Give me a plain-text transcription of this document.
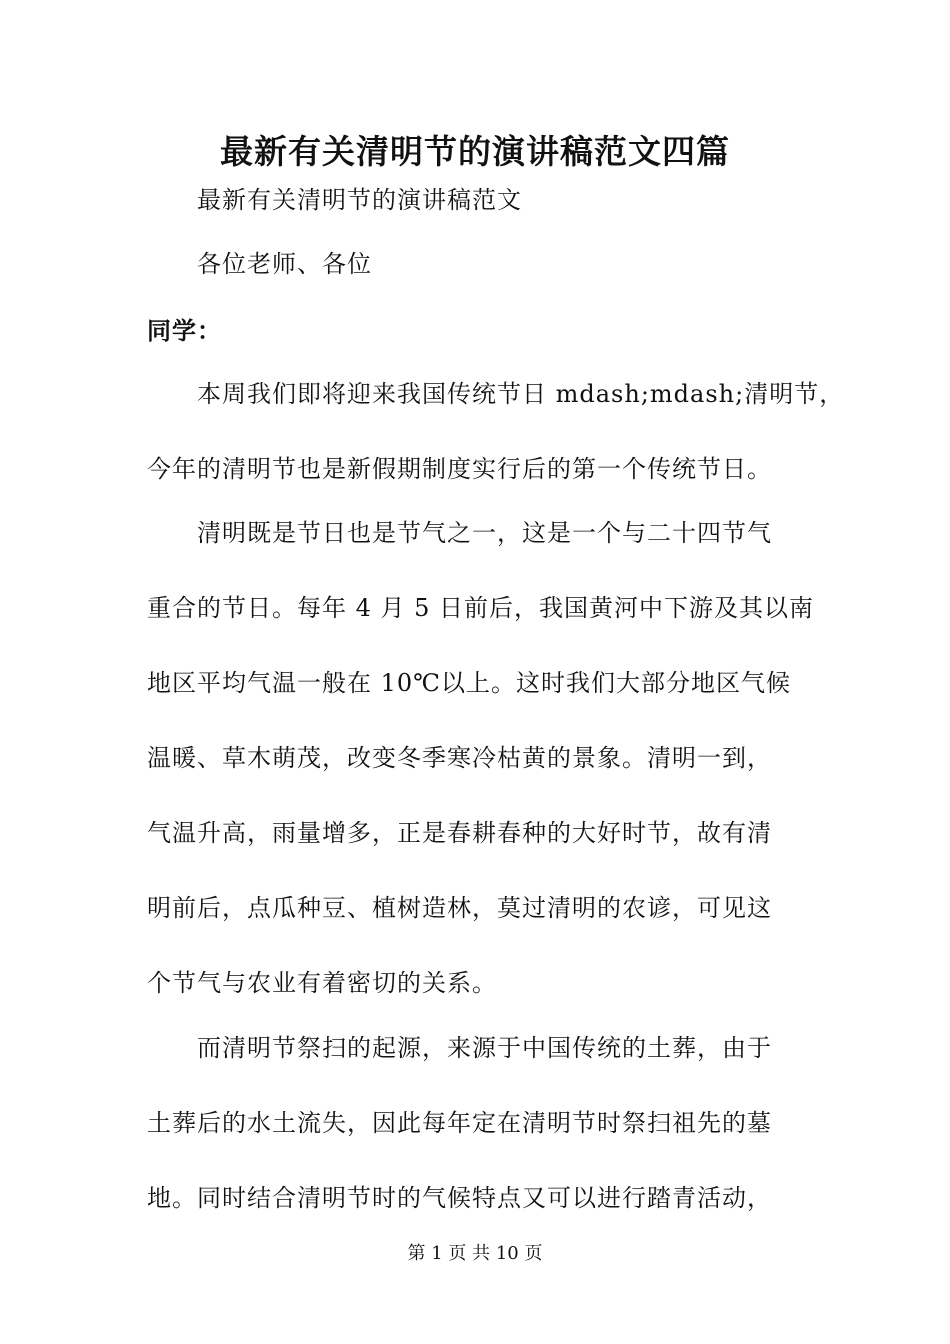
最新有关清明节的演讲稿范文四篇
最新有关清明节的演讲稿范文
各位老师、各位
同学：
本周我们即将迎来我国传统节日 mdash;mdash;清明节，
今年的清明节也是新假期制度实行后的第一个传统节日。
清明既是节日也是节气之一，这是一个与二十四节气
重合的节日。每年 4 月 5 日前后，我国黄河中下游及其以南
地区平均气温一般在 10℃以上。这时我们大部分地区气候
温暖、草木萌茂，改变冬季寒冷枯黄的景象。清明一到，
气温升高，雨量增多，正是春耕春种的大好时节，故有清
明前后，点瓜种豆、植树造林，莫过清明的农谚，可见这
个节气与农业有着密切的关系。
而清明节祭扫的起源，来源于中国传统的土葬，由于
土葬后的水土流失，因此每年定在清明节时祭扫祖先的墓
地。同时结合清明节时的气候特点又可以进行踏青活动，
第 1 页 共 10 页
